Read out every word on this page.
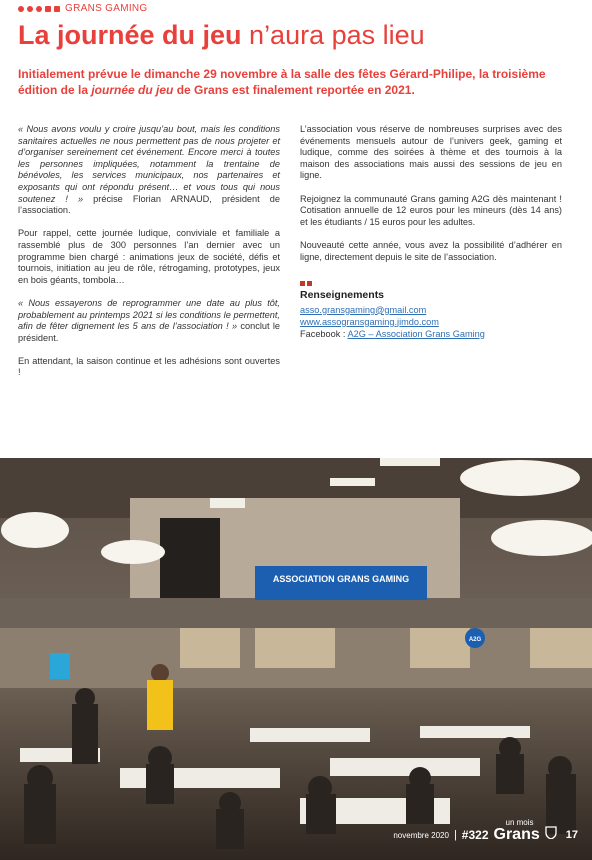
GRANS GAMING
La journée du jeu n’aura pas lieu

Initialement prévue le dimanche 29 novembre à la salle des fêtes Gérard-Philipe, la troisième édition de la journée du jeu de Grans est finalement reportée en 2021.

« Nous avons voulu y croire jusqu’au bout, mais les conditions sanitaires actuelles ne nous permettent pas de nous projeter et d’organiser sereinement cet événement. Encore merci à toutes les personnes impliquées, notamment la trentaine de bénévoles, les services municipaux, nos partenaires et exposants qui ont répondu présent… et vous tous qui nous soutenez ! » précise Florian ARNAUD, président de l’association.

Pour rappel, cette journée ludique, conviviale et familiale a rassemblé plus de 300 personnes l’an dernier avec un programme bien chargé : animations jeux de société, défis et tournois, initiation au jeu de rôle, rétrogaming, prototypes, jeux en bois géants, tombola…

« Nous essayerons de reprogrammer une date au plus tôt, probablement au printemps 2021 si les conditions le permettent, afin de fêter dignement les 5 ans de l’association ! » conclut le président.

En attendant, la saison continue et les adhésions sont ouvertes !

L’association vous réserve de nombreuses surprises avec des événements mensuels autour de l’univers geek, gaming et ludique, comme des soirées à thème et des tournois à la maison des associations mais aussi des sessions de jeu en ligne.

Rejoignez la communauté Grans gaming A2G dès maintenant ! Cotisation annuelle de 12 euros pour les mineurs (dès 14 ans) et les étudiants / 15 euros pour les adultes.

Nouveauté cette année, vous avez la possibilité d’adhérer en ligne, directement depuis le site de l’association.

Renseignements
asso.gransgaming@gmail.com
www.assogransgaming.jimdo.com
Facebook : A2G – Association Grans Gaming
ASSOCIATION GRANS GAMING
A2G
novembre 2020 | #322
un mois
Grans 17
